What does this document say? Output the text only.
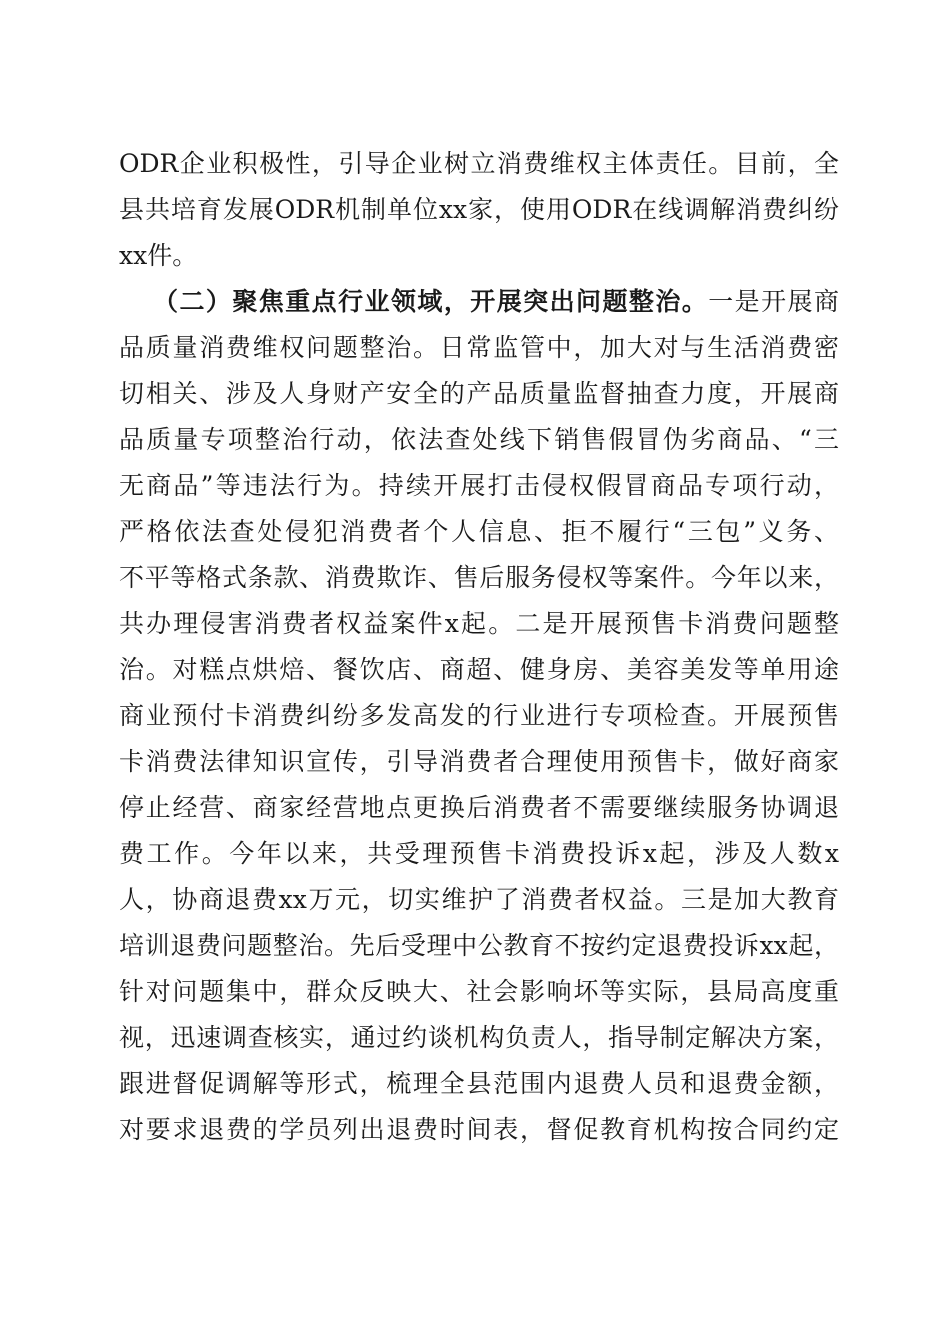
ODR企业积极性，引导企业树立消费维权主体责任。目前，全
县共培育发展ODR机制单位xx家，使用ODR在线调解消费纠纷
xx件。
（二）聚焦重点行业领域，开展突出问题整治。一是开展商
品质量消费维权问题整治。日常监管中，加大对与生活消费密
切相关、涉及人身财产安全的产品质量监督抽查力度，开展商
品质量专项整治行动，依法查处线下销售假冒伪劣商品、“三
无商品”等违法行为。持续开展打击侵权假冒商品专项行动，
严格依法查处侵犯消费者个人信息、拒不履行“三包”义务、
不平等格式条款、消费欺诈、售后服务侵权等案件。今年以来，
共办理侵害消费者权益案件x起。二是开展预售卡消费问题整
治。对糕点烘焙、餐饮店、商超、健身房、美容美发等单用途
商业预付卡消费纠纷多发高发的行业进行专项检查。开展预售
卡消费法律知识宣传，引导消费者合理使用预售卡，做好商家
停止经营、商家经营地点更换后消费者不需要继续服务协调退
费工作。今年以来，共受理预售卡消费投诉x起，涉及人数x
人，协商退费xx万元，切实维护了消费者权益。三是加大教育
培训退费问题整治。先后受理中公教育不按约定退费投诉xx起，
针对问题集中，群众反映大、社会影响坏等实际，县局高度重
视，迅速调查核实，通过约谈机构负责人，指导制定解决方案，
跟进督促调解等形式，梳理全县范围内退费人员和退费金额，
对要求退费的学员列出退费时间表，督促教育机构按合同约定
